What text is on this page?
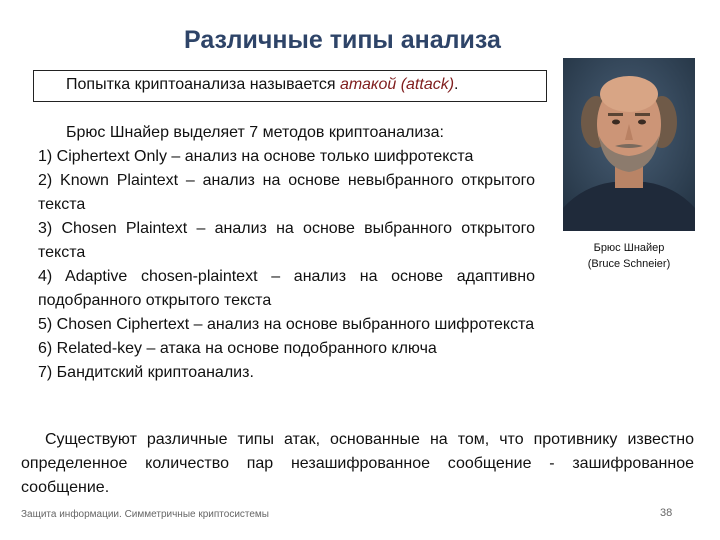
Различные типы анализа
Попытка криптоанализа называется атакой (attack).
Брюс Шнайер выделяет 7 методов криптоанализа:
1) Ciphertext Only – анализ на основе только шифротекста
2) Known Plaintext – анализ на основе невыбранного открытого текста
3) Chosen Plaintext – анализ на основе выбранного открытого текста
4) Adaptive chosen-plaintext – анализ на основе адаптивно подобранного открытого текста
5) Chosen Ciphertext – анализ на основе выбранного шифротекста
6) Related-key – атака на основе подобранного ключа
7) Бандитский криптоанализ.
Брюс Шнайер
(Bruce Schneier)
Существуют различные типы атак, основанные на том, что противнику известно определенное количество пар незашифрованное сообщение - зашифрованное сообщение.
Защита информации. Симметричные криптосистемы	38
